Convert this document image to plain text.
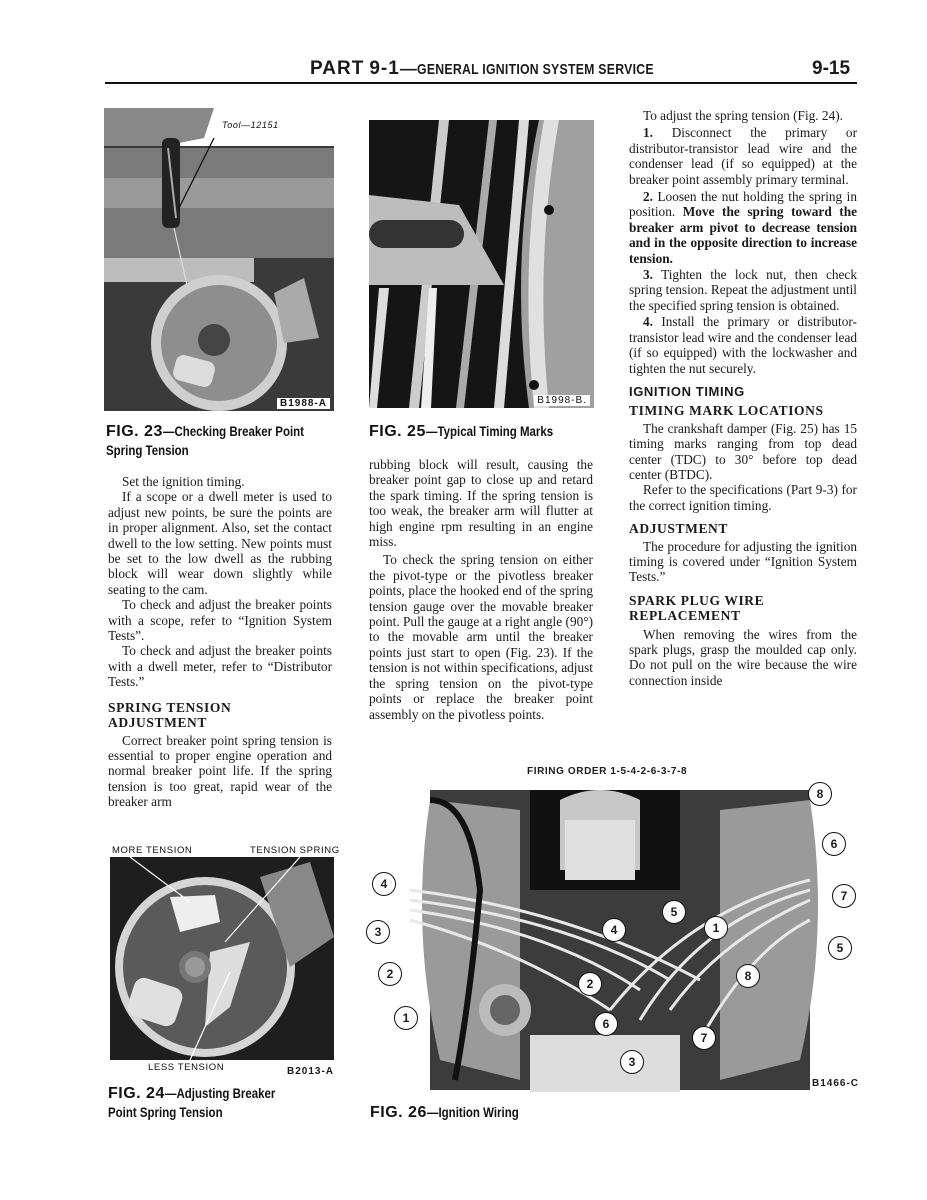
PART 9-1—GENERAL IGNITION SYSTEM SERVICE	9-15
Tool—12151
B1988-A
FIG. 23—Checking Breaker Point
Spring Tension

Set the ignition timing.

If a scope or a dwell meter is used to adjust new points, be sure the points are in proper alignment. Also, set the contact dwell to the low setting. New points must be set to the low dwell as the rubbing block will wear down slightly while seating to the cam.

To check and adjust the breaker points with a scope, refer to “Ignition System Tests”.

To check and adjust the breaker points with a dwell meter, refer to “Distributor Tests.”

SPRING TENSION
ADJUSTMENT

Correct breaker point spring tension is essential to proper engine operation and normal breaker point life. If the spring tension is too great, rapid wear of the breaker arm

MORE TENSION	TENSION SPRING
LESS TENSION	B2013-A
FIG. 24—Adjusting Breaker
Point Spring Tension
B1998-B.
FIG. 25—Typical Timing Marks

rubbing block will result, causing the breaker point gap to close up and retard the spark timing. If the spring tension is too weak, the breaker arm will flutter at high engine rpm resulting in an engine miss.

To check the spring tension on either the pivot-type or the pivotless breaker points, place the hooked end of the spring tension gauge over the movable breaker point. Pull the gauge at a right angle (90°) to the movable arm until the breaker points just start to open (Fig. 23). If the tension is not within specifications, adjust the spring tension on the pivot-type points or replace the breaker point assembly on the pivotless points.

To adjust the spring tension (Fig. 24).

1. Disconnect the primary or distributor-transistor lead wire and the condenser lead (if so equipped) at the breaker point assembly primary terminal.

2. Loosen the nut holding the spring in position. Move the spring toward the breaker arm pivot to decrease tension and in the opposite direction to increase tension.

3. Tighten the lock nut, then check spring tension. Repeat the adjustment until the specified spring tension is obtained.

4. Install the primary or distributor-transistor lead wire and the condenser lead (if so equipped) with the lockwasher and tighten the nut securely.

IGNITION TIMING
TIMING MARK LOCATIONS

The crankshaft damper (Fig. 25) has 15 timing marks ranging from top dead center (TDC) to 30° before top dead center (BTDC).

Refer to the specifications (Part 9-3) for the correct ignition timing.

ADJUSTMENT

The procedure for adjusting the ignition timing is covered under “Ignition System Tests.”

SPARK PLUG WIRE
REPLACEMENT

When removing the wires from the spark plugs, grasp the moulded cap only. Do not pull on the wire because the wire connection inside

FIRING ORDER 1-5-4-2-6-3-7-8
8
6
7
5
4
3
2
1
4
5
1
2
8
6
7
3
B1466-C
FIG. 26—Ignition Wiring
